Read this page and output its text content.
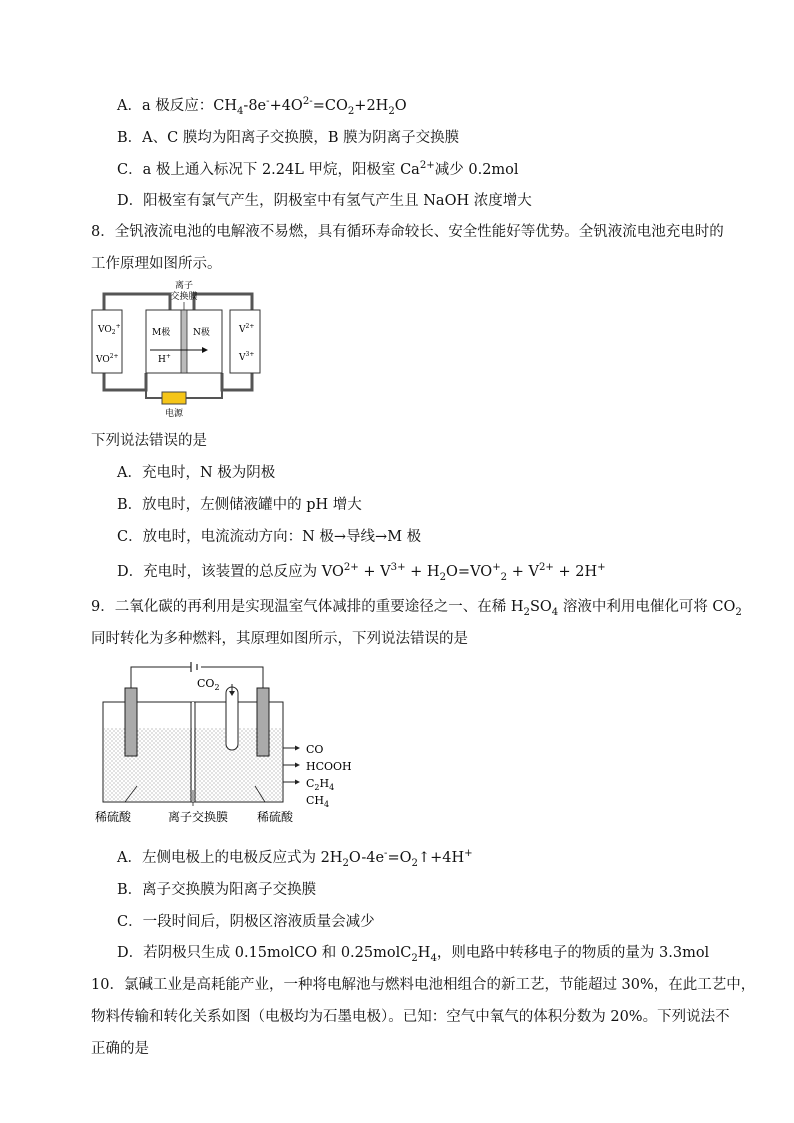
A．a 极反应：$CH_4-8e^-+4O^{2-}=CO_2+2H_2O$
B．A、C 膜均为阳离子交换膜，B 膜为阴离子交换膜
C．a 极上通入标况下 2.24L 甲烷，阳极室 $Ca^{2+}$减少 0.2mol
D．阳极室有氯气产生，阴极室中有氢气产生且 NaOH 浓度增大
8．全钒液流电池的电解液不易燃，具有循环寿命较长、安全性能好等优势。全钒液流电池充电时的
工作原理如图所示。
离子
交换膜
$VO_2^+$
$VO^{2+}$
M极	N极
H+
$V^{2+}$
$V^{3+}$
电源
下列说法错误的是
A．充电时，N 极为阴极
B．放电时，左侧储液罐中的 pH 增大
C．放电时，电流流动方向：N 极→导线→M 极
D．充电时，该装置的总反应为 $VO^{2+} + V^{3+} + H_2O=VO^+_2 + V^{2+} + 2H^+$
9．二氧化碳的再利用是实现温室气体减排的重要途径之一、在稀 $H_2SO_4$ 溶液中利用电催化可将 $CO_2$
同时转化为多种燃料，其原理如图所示，下列说法错误的是
$CO_2$
CO
HCOOH
$C_2H_4$
$CH_4$
稀硫酸	离子交换膜 稀硫酸
A．左侧电极上的电极反应式为 $2H_2O-4e^-=O_2↑+4H^+$
B．离子交换膜为阳离子交换膜
C．一段时间后，阴极区溶液质量会减少
D．若阴极只生成 0.15molCO 和 $0.25molC_2H_4$，则电路中转移电子的物质的量为 3.3mol
10．氯碱工业是高耗能产业，一种将电解池与燃料电池相组合的新工艺，节能超过 30%，在此工艺中，
物料传输和转化关系如图（电极均为石墨电极）。已知：空气中氧气的体积分数为 20%。下列说法不
正确的是
